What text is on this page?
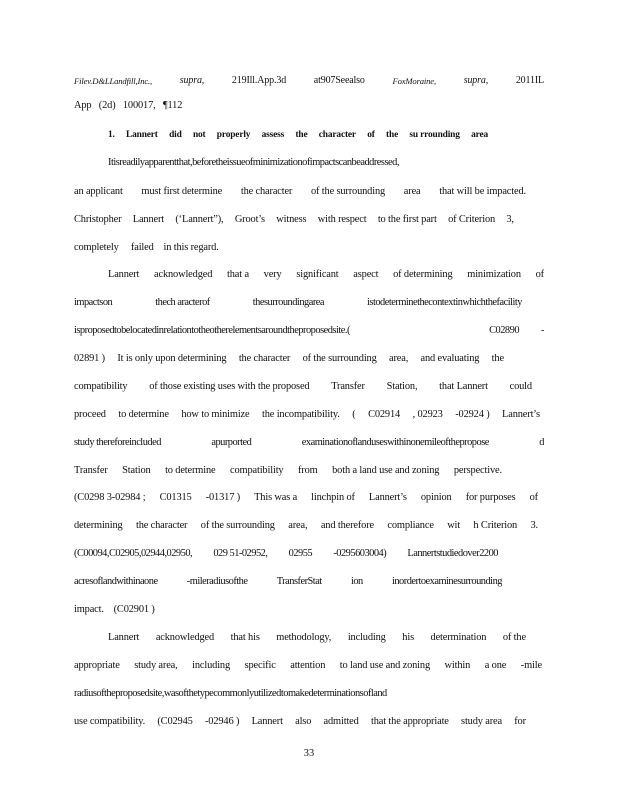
Filev.D&LLandfill,Inc.,	supra,	219Ill.App.3d	at907Seealso	FoxMoraine,	supra,	2011IL
App (2d) 100017, ¶112
1. Lannert did not properly assess the character of the su rrounding area
Itisreadilyapparentthat,beforetheissueofminimizationofimpactscanbeaddressed,
an applicant must first determine the character of the surrounding area that will be impacted.
Christopher Lannert (‘Lannert”), Groot’s witness with respect to the first part of Criterion 3,
completely failed in this regard.
Lannert acknowledged that a very significant aspect of determining minimization of
impactson	thech aracterof	thesurroundingarea	istodeterminethecontextinwhichthefacility
isproposedtobelocatedinrelationtotheotherelementsaroundtheproposedsite.(	C02890 -
02891 ) It is only upon determining the character of the surrounding area, and evaluating the
compatibility of those existing uses with the proposed Transfer Station, that Lannert could
proceed to determine how to minimize the incompatibility. ( C02914 , 02923 -02924 ) Lannert’s
study thereforeincluded	apurported	examinationoflanduseswithinonemileofthepropose	d
Transfer Station to determine compatibility from both a land use and zoning perspective.
(C0298 3-02984 ; C01315 -01317 ) This was a linchpin of Lannert’s opinion for purposes of
determining the character of the surrounding area, and therefore compliance wit h Criterion 3.
(C00094,C02905,02944,02950, 029 51-02952, 02955 -0295603004) Lannertstudiedover2200
acresoflandwithinaone	-mileradiusofthe	TransferStat	ion	inordertoexaminesurrounding
impact. (C02901 )
Lannert acknowledged that his methodology, including his determination of the
appropriate study area, including specific attention to land use and zoning within a one -mile
radiusoftheproposedsite,wasofthetypecommonlyutilizedtomakedeterminationsofland
use compatibility. (C02945 -02946 ) Lannert also admitted that the appropriate study area for
33
